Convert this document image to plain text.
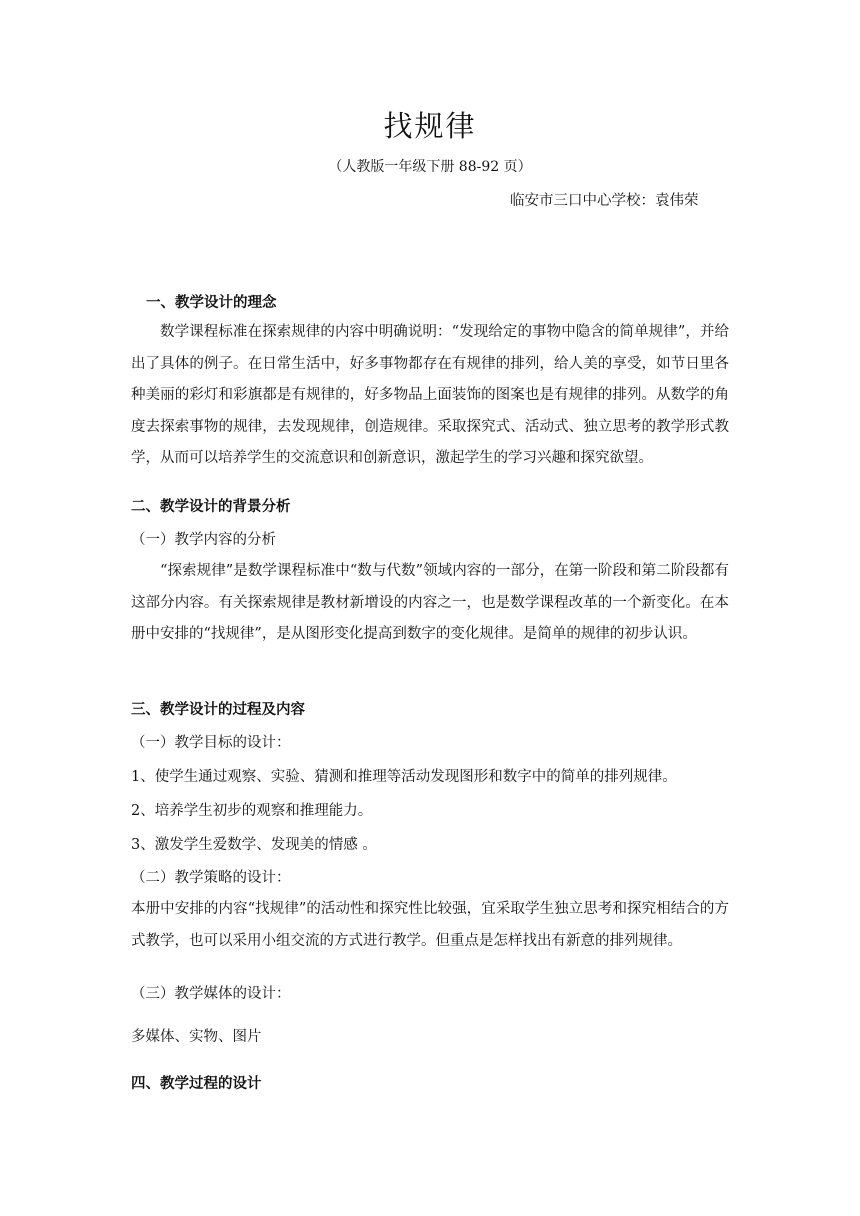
找规律
（人教版一年级下册 88-92 页）
临安市三口中心学校：袁伟荣
一、教学设计的理念
数学课程标准在探索规律的内容中明确说明：“发现给定的事物中隐含的简单规律”，并给出了具体的例子。在日常生活中，好多事物都存在有规律的排列，给人美的享受，如节日里各种美丽的彩灯和彩旗都是有规律的，好多物品上面装饰的图案也是有规律的排列。从数学的角度去探索事物的规律，去发现规律，创造规律。采取探究式、活动式、独立思考的教学形式教学，从而可以培养学生的交流意识和创新意识，激起学生的学习兴趣和探究欲望。
二、教学设计的背景分析
（一）教学内容的分析
“探索规律”是数学课程标准中“数与代数”领域内容的一部分，在第一阶段和第二阶段都有这部分内容。有关探索规律是教材新增设的内容之一，也是数学课程改革的一个新变化。在本册中安排的“找规律”，是从图形变化提高到数字的变化规律。是简单的规律的初步认识。
三、教学设计的过程及内容
（一）教学目标的设计：
1、使学生通过观察、实验、猜测和推理等活动发现图形和数字中的简单的排列规律。
2、培养学生初步的观察和推理能力。
3、激发学生爱数学、发现美的情感 。
（二）教学策略的设计：
本册中安排的内容“找规律”的活动性和探究性比较强，宜采取学生独立思考和探究相结合的方式教学，也可以采用小组交流的方式进行教学。但重点是怎样找出有新意的排列规律。
（三）教学媒体的设计：
多媒体、实物、图片
四、教学过程的设计
